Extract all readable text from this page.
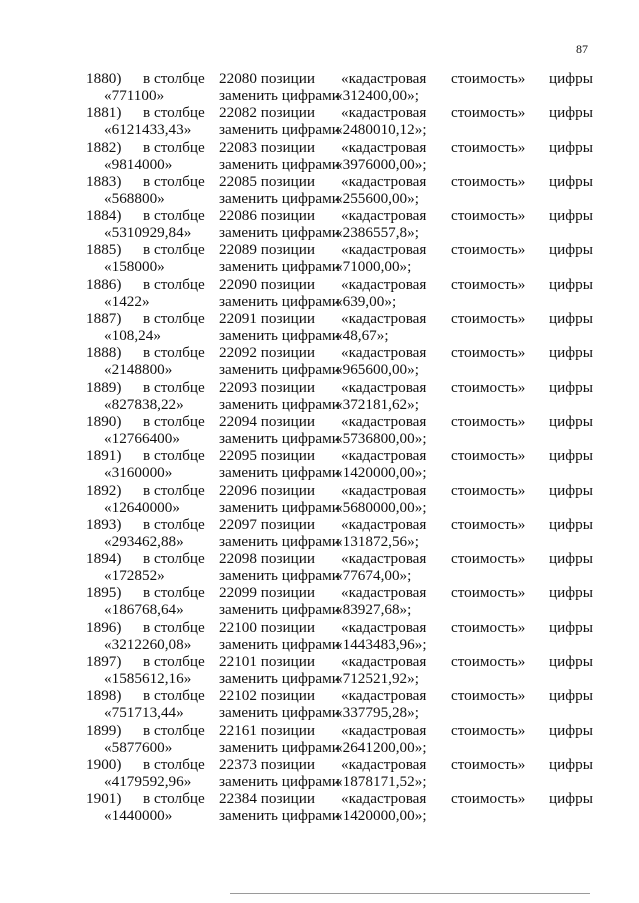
87
1880) в столбце 22080 позиции «кадастровая стоимость» цифры
«771100»	заменить цифрами
«312400,00»;
1881) в столбце 22082 позиции «кадастровая стоимость» цифры
«6121433,43» заменить цифрами
«2480010,12»;
1882) в столбце 22083 позиции «кадастровая стоимость» цифры
«9814000»	заменить цифрами
«3976000,00»;
1883) в столбце 22085 позиции «кадастровая стоимость» цифры
«568800»	заменить цифрами
«255600,00»;
1884) в столбце 22086 позиции «кадастровая стоимость» цифры
«5310929,84» заменить цифрами
«2386557,8»;
1885) в столбце 22089 позиции «кадастровая стоимость» цифры
«158000»	заменить цифрами
«71000,00»;
1886) в столбце 22090 позиции «кадастровая стоимость» цифры
«1422»	заменить цифрами
«639,00»;
1887) в столбце 22091 позиции «кадастровая стоимость» цифры
«108,24»	заменить цифрами
«48,67»;
1888) в столбце 22092 позиции «кадастровая стоимость» цифры
«2148800»	заменить цифрами
«965600,00»;
1889) в столбце 22093 позиции «кадастровая стоимость» цифры
«827838,22» заменить цифрами
«372181,62»;
1890) в столбце 22094 позиции «кадастровая стоимость» цифры
«12766400»	заменить цифрами
«5736800,00»;
1891) в столбце 22095 позиции «кадастровая стоимость» цифры
«3160000»	заменить цифрами
«1420000,00»;
1892) в столбце 22096 позиции «кадастровая стоимость» цифры
«12640000»	заменить цифрами
«5680000,00»;
1893) в столбце 22097 позиции «кадастровая стоимость» цифры
«293462,88» заменить цифрами
«131872,56»;
1894) в столбце 22098 позиции «кадастровая стоимость» цифры
«172852»	заменить цифрами
«77674,00»;
1895) в столбце 22099 позиции «кадастровая стоимость» цифры
«186768,64» заменить цифрами
«83927,68»;
1896) в столбце 22100 позиции «кадастровая стоимость» цифры
«3212260,08» заменить цифрами
«1443483,96»;
1897) в столбце 22101 позиции «кадастровая стоимость» цифры
«1585612,16» заменить цифрами
«712521,92»;
1898) в столбце 22102 позиции «кадастровая стоимость» цифры
«751713,44» заменить цифрами
«337795,28»;
1899) в столбце 22161 позиции «кадастровая стоимость» цифры
«5877600»	заменить цифрами
«2641200,00»;
1900) в столбце 22373 позиции «кадастровая стоимость» цифры
«4179592,96» заменить цифрами
«1878171,52»;
1901) в столбце 22384 позиции «кадастровая стоимость» цифры
«1440000»	заменить цифрами
«1420000,00»;
